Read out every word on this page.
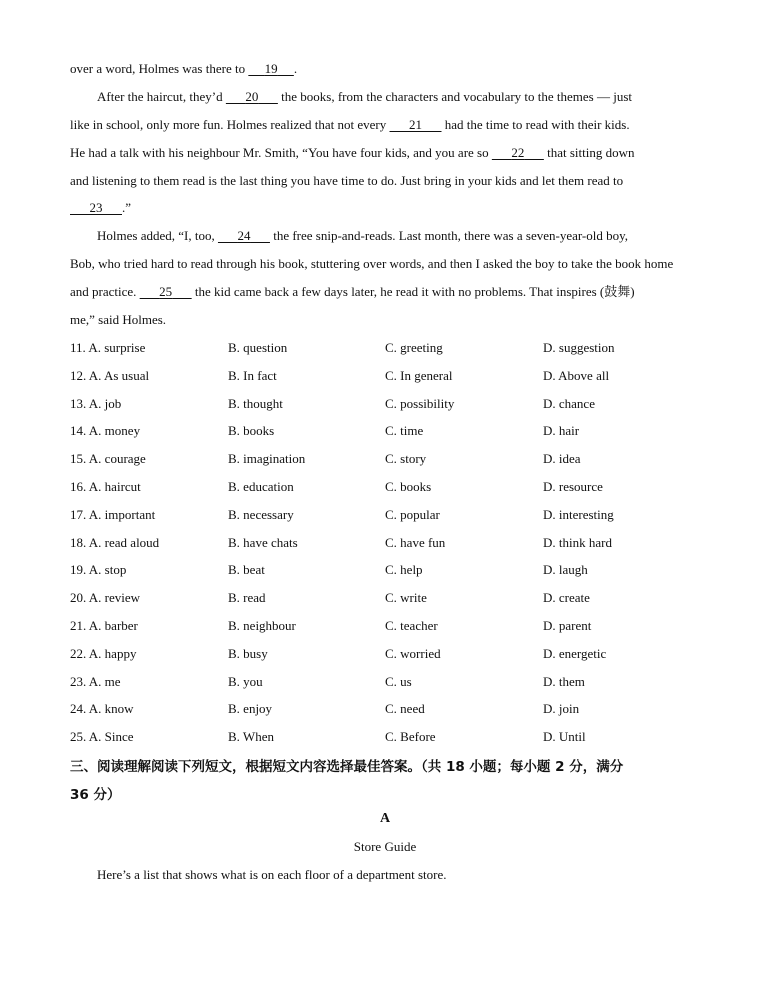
over a word, Holmes was there to      19 .
After the haircut, they’d       20       the books, from the characters and vocabulary to the themes — just
like in school, only more fun. Holmes realized that not every       21       had the time to read with their kids.
He had a talk with his neighbour Mr. Smith, “You have four kids, and you are so       22       that sitting down
and listening to them read is the last thing you have time to do. Just bring in your kids and let them read to
23 .”
Holmes added, “I, too,       24       the free snip-and-reads. Last month, there was a seven-year-old boy,
Bob, who tried hard to read through his book, stuttering over words, and then I asked the boy to take the book home
and practice.       25       the kid came back a few days later, he read it with no problems. That inspires (鼓舞)
me,” said Holmes.
11. A. surprise	B. question	C. greeting	D. suggestion
12. A. As usual	B. In fact	C. In general	D. Above all
13. A. job	B. thought	C. possibility	D. chance
14. A. money	B. books	C. time	D. hair
15. A. courage	B. imagination	C. story	D. idea
16. A. haircut	B. education	C. books	D. resource
17. A. important	B. necessary	C. popular	D. interesting
18. A. read aloud	B. have chats	C. have fun	D. think hard
19. A. stop	B. beat	C. help	D. laugh
20. A. review	B. read	C. write	D. create
21. A. barber	B. neighbour	C. teacher	D. parent
22. A. happy	B. busy	C. worried	D. energetic
23. A. me	B. you	C. us	D. them
24. A. know	B. enjoy	C. need	D. join
25. A. Since	B. When	C. Before	D. Until
三、阅读理解阅读下列短文，根据短文内容选择最佳答案。（共 18 小题；每小题 2 分，满分
36 分）
A
Store Guide
Here’s a list that shows what is on each floor of a department store.
